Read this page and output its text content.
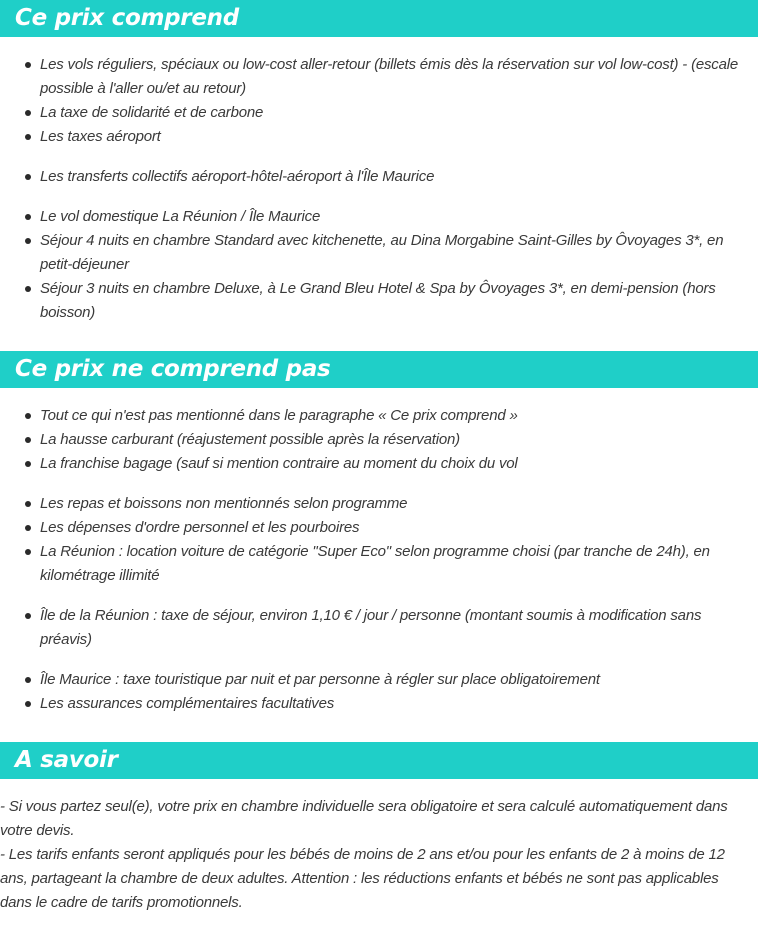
Ce prix comprend
Les vols réguliers, spéciaux ou low-cost aller-retour (billets émis dès la réservation sur vol low-cost) - (escale possible à l'aller ou/et au retour)
La taxe de solidarité et de carbone
Les taxes aéroport
Les transferts collectifs aéroport-hôtel-aéroport à l'Île Maurice
Le vol domestique La Réunion / Île Maurice
Séjour 4 nuits en chambre Standard avec kitchenette, au Dina Morgabine Saint-Gilles by Ôvoyages 3*, en petit-déjeuner
Séjour 3 nuits en chambre Deluxe, à Le Grand Bleu Hotel & Spa by Ôvoyages 3*, en demi-pension (hors boisson)
Ce prix ne comprend pas
Tout ce qui n'est pas mentionné dans le paragraphe « Ce prix comprend »
La hausse carburant (réajustement possible après la réservation)
La franchise bagage (sauf si mention contraire au moment du choix du vol
Les repas et boissons non mentionnés selon programme
Les dépenses d'ordre personnel et les pourboires
La Réunion : location voiture de catégorie "Super Eco" selon programme choisi (par tranche de 24h), en kilométrage illimité
Île de la Réunion : taxe de séjour, environ 1,10 € / jour / personne (montant soumis à modification sans préavis)
Île Maurice : taxe touristique par nuit et par personne à régler sur place obligatoirement
Les assurances complémentaires facultatives
A savoir

- Si vous partez seul(e), votre prix en chambre individuelle sera obligatoire et sera calculé automatiquement dans votre devis.

- Les tarifs enfants seront appliqués pour les bébés de moins de 2 ans et/ou pour les enfants de 2 à moins de 12 ans, partageant la chambre de deux adultes. Attention : les réductions enfants et bébés ne sont pas applicables dans le cadre de tarifs promotionnels.
